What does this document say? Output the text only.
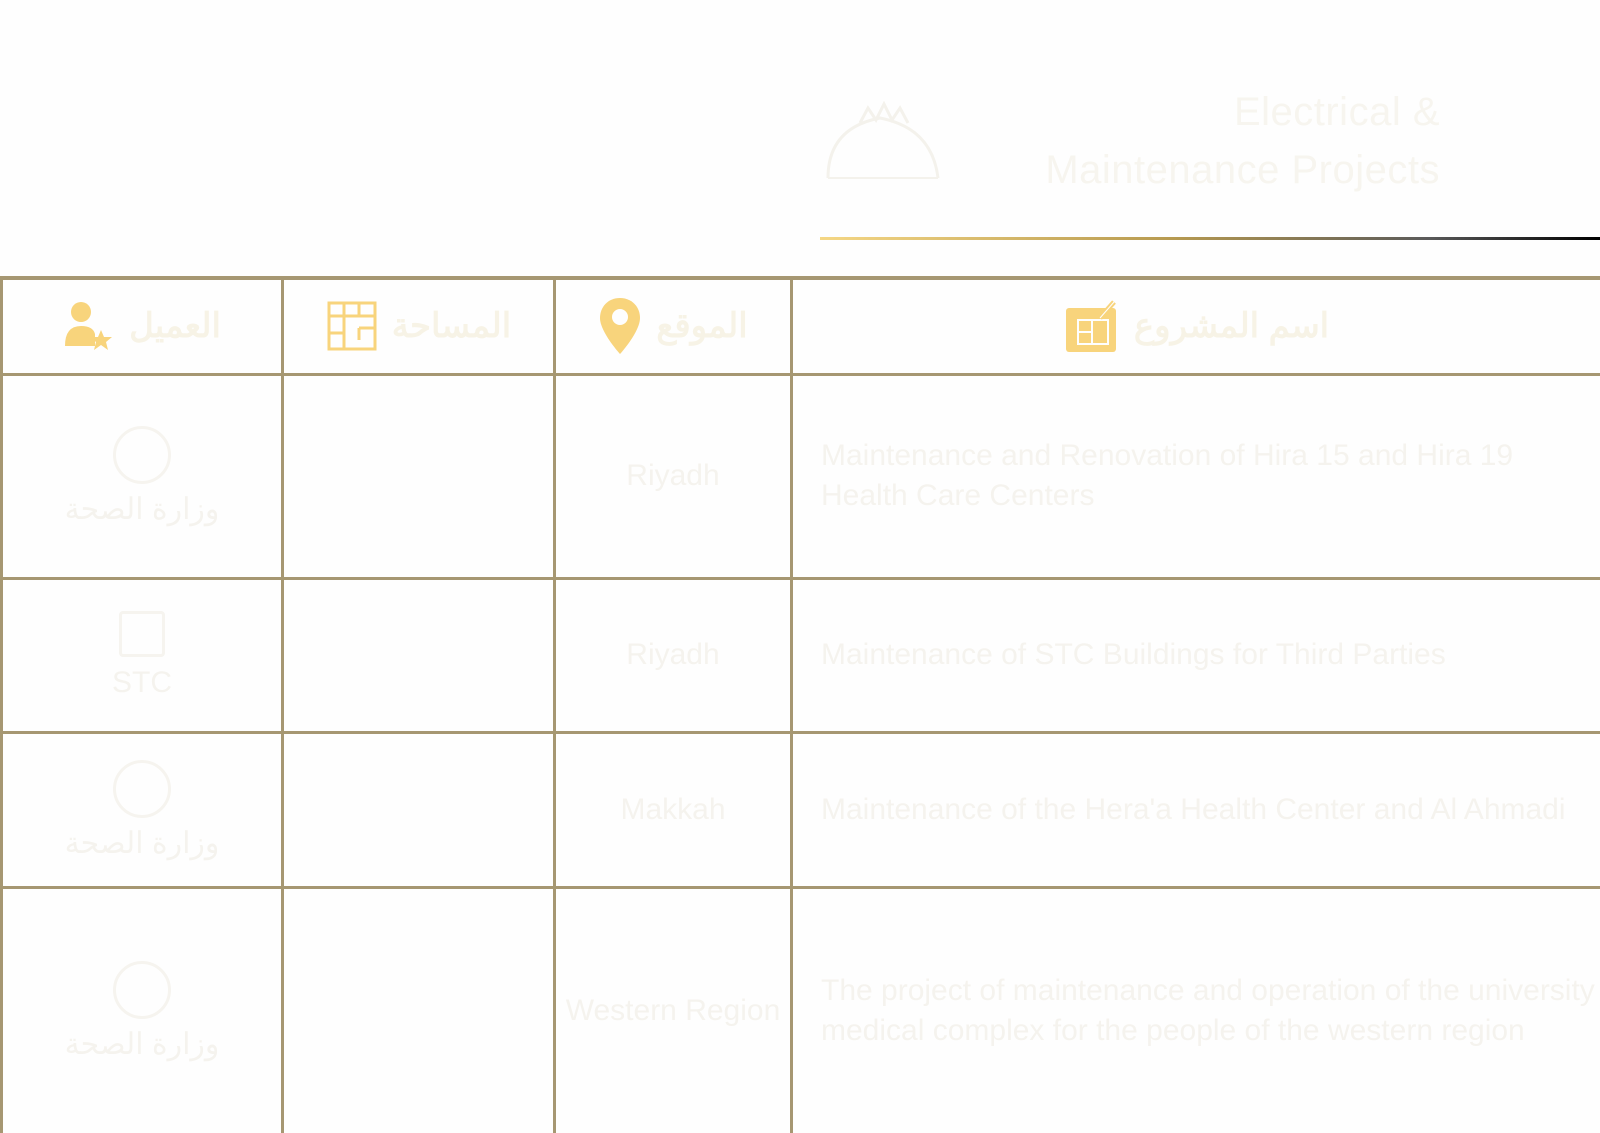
Electrical &
Maintenance Projects
العميل	المساحة	الموقع	اسم المشروع

وزارة الصحة		Riyadh	Maintenance and Renovation of Hira 15 and Hira 19 Health Care Centers

STC		Riyadh	Maintenance of STC Buildings for Third Parties

وزارة الصحة		Makkah	Maintenance of the Hera'a Health Center and Al Ahmadi

وزارة الصحة		Western Region	The project of maintenance and operation of the university medical complex for the people of the western region
